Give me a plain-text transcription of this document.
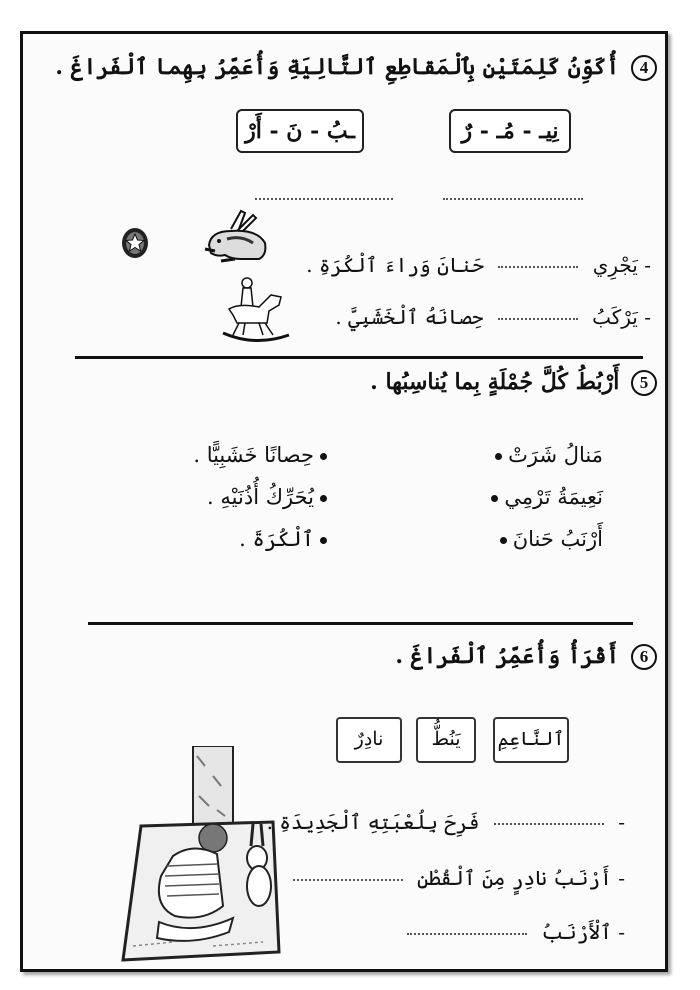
4 أُكَوِّنُ كَلِمَتَيْنِ بِٱلْمَقاطِعِ ٱلتَّالِيَةِ وَأُعَمِّرُ بِهِما ٱلْفَراغَ .
نِيـ - مُـ - رٌ
ـبُ - نَ - أَرْ
- يَجْرِي  حَنانَ وَراءَ ٱلْكُرَةِ .
- يَرْكَبُ  حِصانَهُ ٱلْخَشَبِيَّ .
5 أَرْبُطُ كُلَّ جُمْلَةٍ بِما يُناسِبُها .
مَنالُ شَرَتْ
نَعِيمَةُ تَرْمِي
أَرْنَبُ حَنانَ
حِصانًا خَشَبِيًّا .
يُحَرِّكُ أُذُنَيْهِ .
ٱلْكُرَةَ .
6 أَقْرَأُ وَأُعَمِّرُ ٱلْفَراغَ .
ٱلنَّاعِمِ
يَنُطُّ
نادِرٌ
-  فَرِحَ بِلُعْبَتِهِ ٱلْجَدِيدَةِ .
- أَرْنَبُ نادِرٍ مِنَ ٱلْقُطْنِ
- ٱلْأَرْنَبُ
